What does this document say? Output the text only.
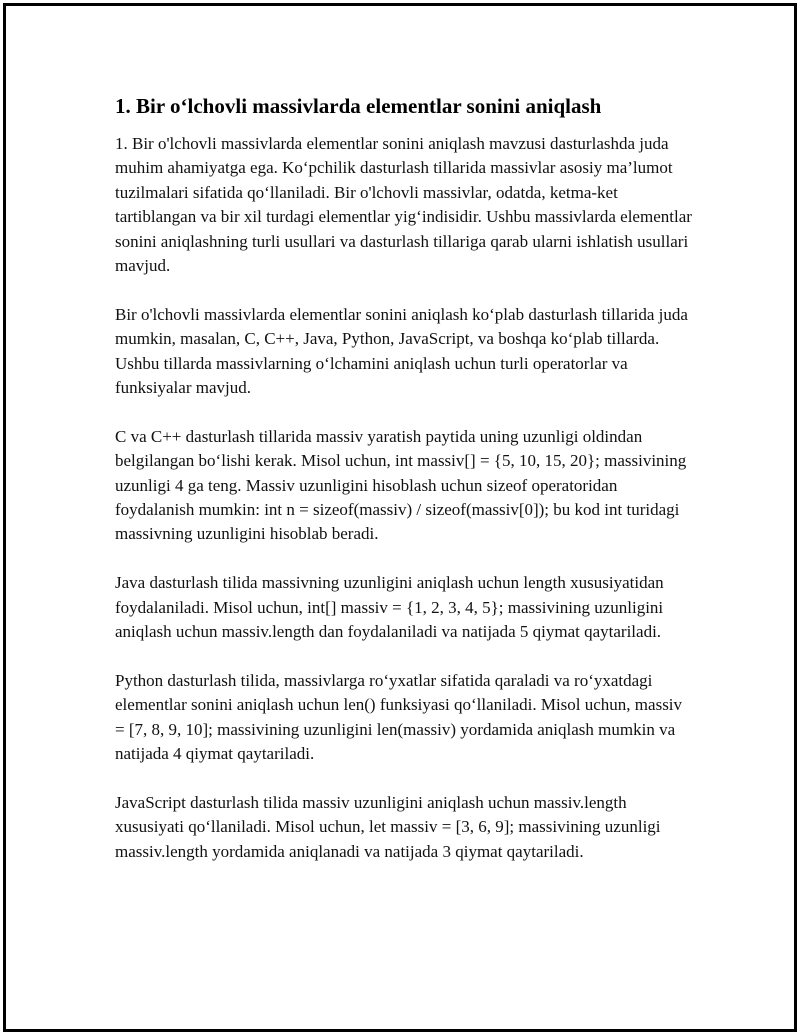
1. Bir o‘lchovli massivlarda elementlar sonini aniqlash

1. Bir o'lchovli massivlarda elementlar sonini aniqlash mavzusi dasturlashda juda muhim ahamiyatga ega. Ko‘pchilik dasturlash tillarida massivlar asosiy ma’lumot tuzilmalari sifatida qo‘llaniladi. Bir o'lchovli massivlar, odatda, ketma-ket tartiblangan va bir xil turdagi elementlar yig‘indisidir. Ushbu massivlarda elementlar sonini aniqlashning turli usullari va dasturlash tillariga qarab ularni ishlatish usullari mavjud.

Bir o'lchovli massivlarda elementlar sonini aniqlash ko‘plab dasturlash tillarida juda mumkin, masalan, C, C++, Java, Python, JavaScript, va boshqa ko‘plab tillarda. Ushbu tillarda massivlarning o‘lchamini aniqlash uchun turli operatorlar va funksiyalar mavjud.

C va C++ dasturlash tillarida massiv yaratish paytida uning uzunligi oldindan belgilangan bo‘lishi kerak. Misol uchun, int massiv[] = {5, 10, 15, 20}; massivining uzunligi 4 ga teng. Massiv uzunligini hisoblash uchun sizeof operatoridan foydalanish mumkin: int n = sizeof(massiv) / sizeof(massiv[0]); bu kod int turidagi massivning uzunligini hisoblab beradi.

Java dasturlash tilida massivning uzunligini aniqlash uchun length xususiyatidan foydalaniladi. Misol uchun, int[] massiv = {1, 2, 3, 4, 5}; massivining uzunligini aniqlash uchun massiv.length dan foydalaniladi va natijada 5 qiymat qaytariladi.

Python dasturlash tilida, massivlarga ro‘yxatlar sifatida qaraladi va ro‘yxatdagi elementlar sonini aniqlash uchun len() funksiyasi qo‘llaniladi. Misol uchun, massiv = [7, 8, 9, 10]; massivining uzunligini len(massiv) yordamida aniqlash mumkin va natijada 4 qiymat qaytariladi.

JavaScript dasturlash tilida massiv uzunligini aniqlash uchun massiv.length xususiyati qo‘llaniladi. Misol uchun, let massiv = [3, 6, 9]; massivining uzunligi massiv.length yordamida aniqlanadi va natijada 3 qiymat qaytariladi.
